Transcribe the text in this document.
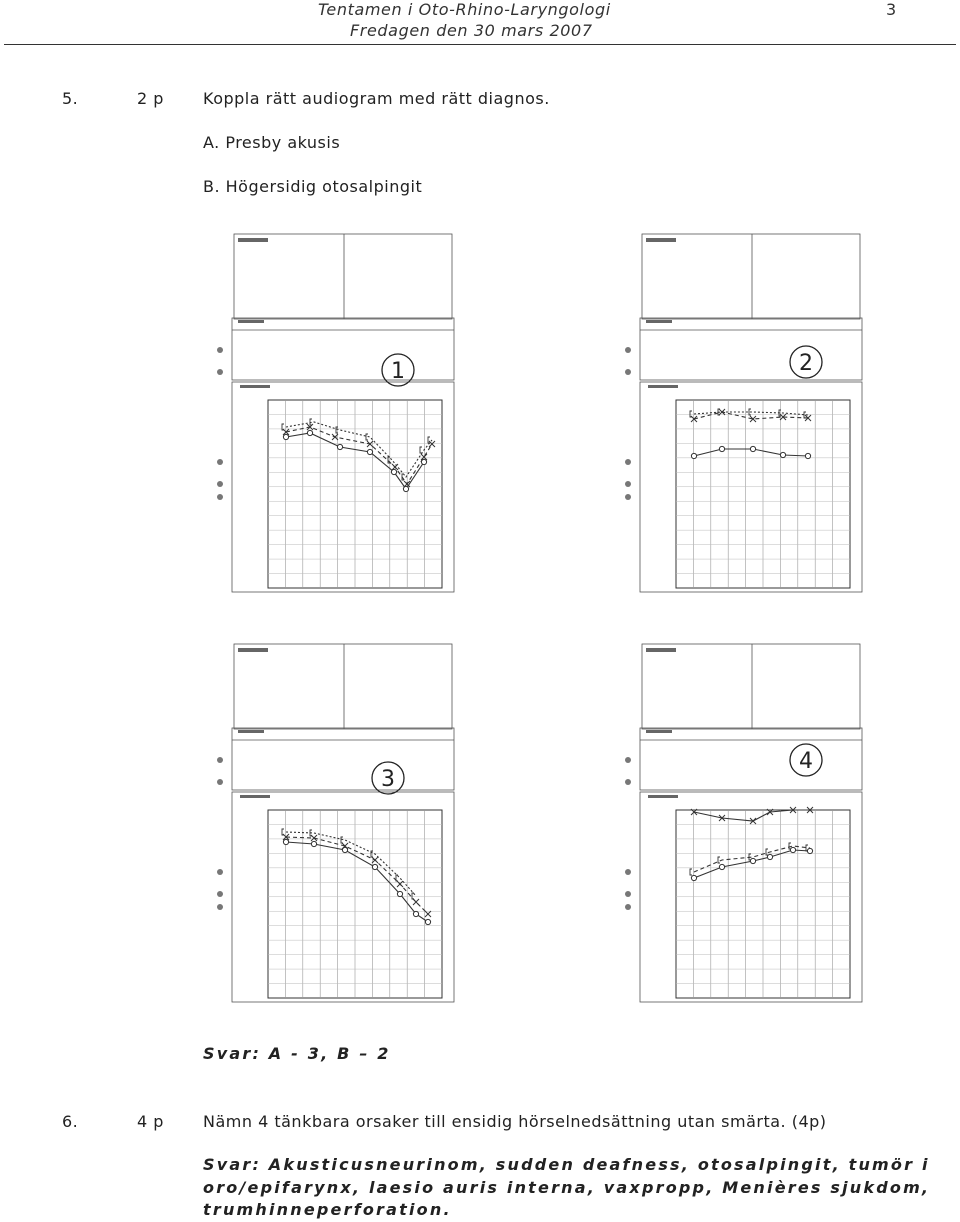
Tentamen i Oto-Rhino-Laryngologi
Fredagen den 30 mars 2007
3
5.	2 p Koppla rätt audiogram med rätt diagnos.
A. Presby akusis
B. Högersidig otosalpingit
1	2
3
4
Svar: A - 3, B – 2
6.	4 p Nämn 4 tänkbara orsaker till ensidig hörselnedsättning utan smärta. (4p)
Svar: Akusticusneurinom, sudden deafness, otosalpingit, tumör i
oro/epifarynx, laesio auris interna, vaxpropp, Menières sjukdom,
trumhinneperforation.
